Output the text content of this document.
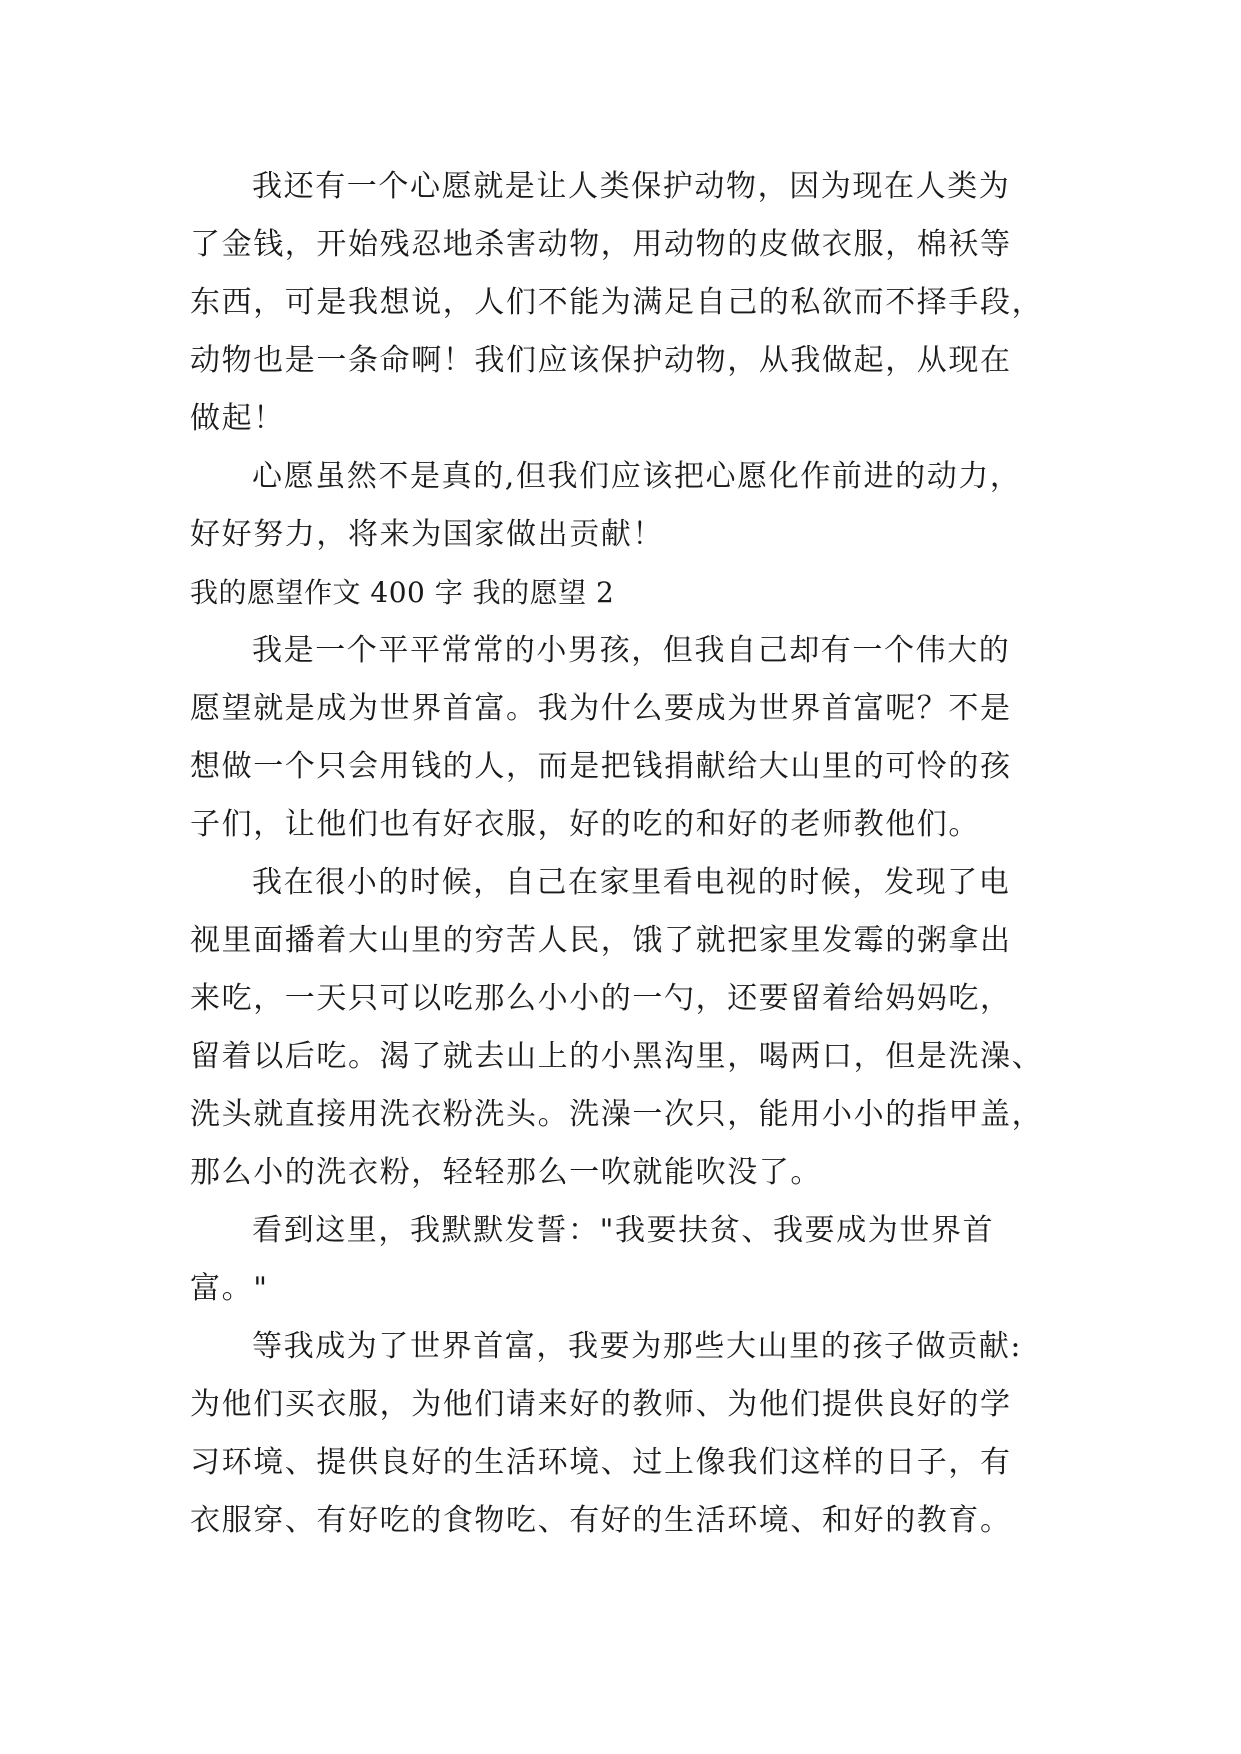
我还有一个心愿就是让人类保护动物，因为现在人类为
了金钱，开始残忍地杀害动物，用动物的皮做衣服，棉袄等
东西，可是我想说，人们不能为满足自己的私欲而不择手段，
动物也是一条命啊！我们应该保护动物，从我做起，从现在
做起！
心愿虽然不是真的,但我们应该把心愿化作前进的动力，
好好努力，将来为国家做出贡献！
我的愿望作文 400 字 我的愿望 2
我是一个平平常常的小男孩，但我自己却有一个伟大的
愿望就是成为世界首富。我为什么要成为世界首富呢？不是
想做一个只会用钱的人，而是把钱捐献给大山里的可怜的孩
子们，让他们也有好衣服，好的吃的和好的老师教他们。
我在很小的时候，自己在家里看电视的时候，发现了电
视里面播着大山里的穷苦人民，饿了就把家里发霉的粥拿出
来吃，一天只可以吃那么小小的一勺，还要留着给妈妈吃，
留着以后吃。渴了就去山上的小黑沟里，喝两口，但是洗澡、
洗头就直接用洗衣粉洗头。洗澡一次只，能用小小的指甲盖，
那么小的洗衣粉，轻轻那么一吹就能吹没了。
看到这里，我默默发誓："我要扶贫、我要成为世界首
富。"
等我成为了世界首富，我要为那些大山里的孩子做贡献:
为他们买衣服，为他们请来好的教师、为他们提供良好的学
习环境、提供良好的生活环境、过上像我们这样的日子，有
衣服穿、有好吃的食物吃、有好的生活环境、和好的教育。
